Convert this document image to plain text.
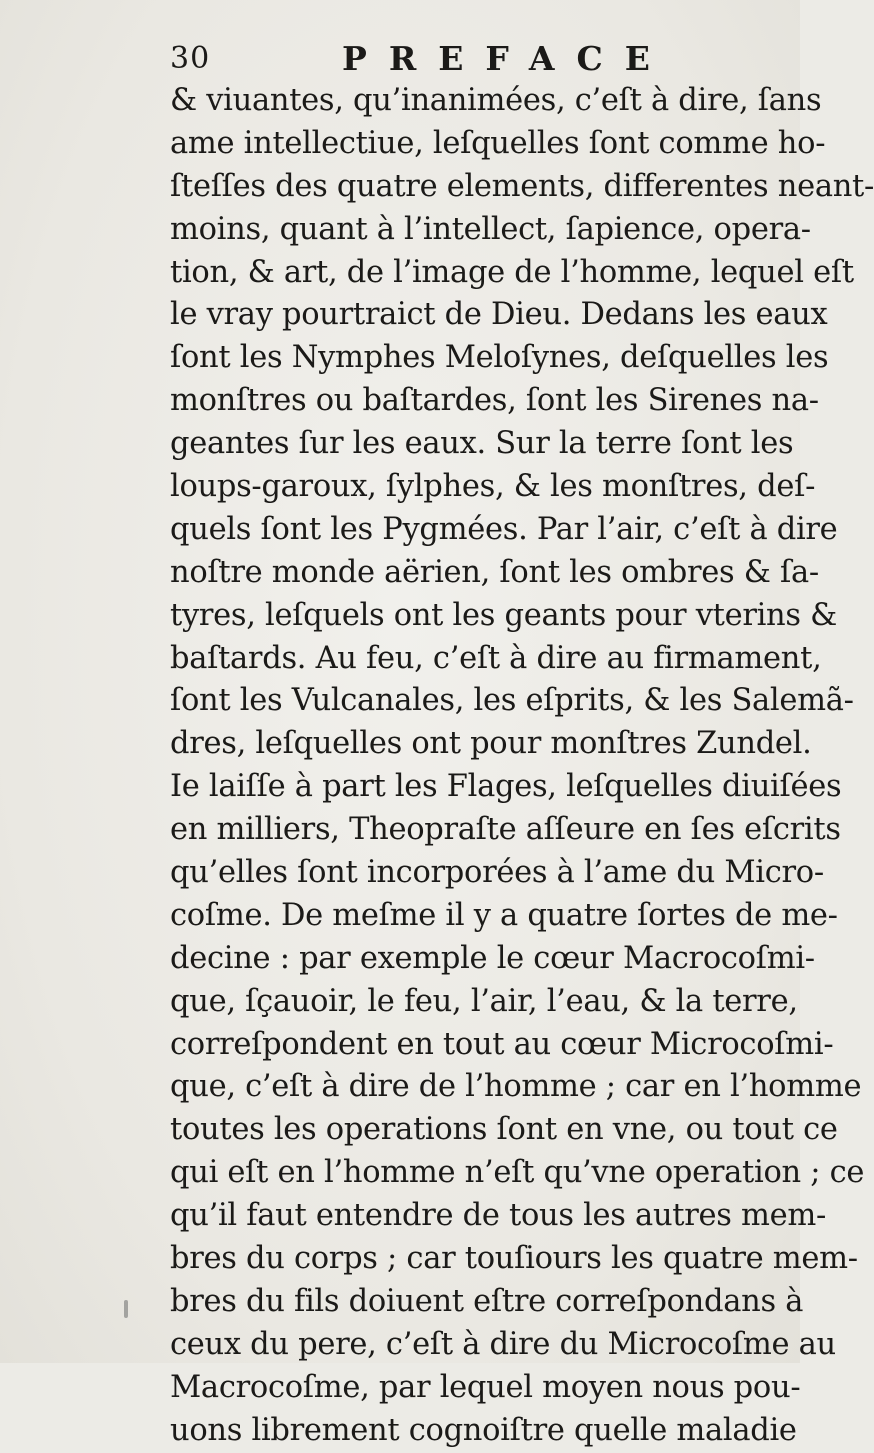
30	PREFACE
& viuantes, qu’inanimées, c’eſt à dire, ſans
ame intellectiue, leſquelles ſont comme ho-
ſteſſes des quatre elements, differentes neant-
moins, quant à l’intellect, ſapience, opera-
tion, & art, de l’image de l’homme, lequel eſt
le vray pourtraict de Dieu. Dedans les eaux
ſont les Nymphes Meloſynes, deſquelles les
monſtres ou baſtardes, ſont les Sirenes na-
geantes ſur les eaux. Sur la terre ſont les
loups-garoux, ſylphes, & les monſtres, deſ-
quels ſont les Pygmées. Par l’air, c’eſt à dire
noſtre monde aërien, ſont les ombres & ſa-
tyres, leſquels ont les geants pour vterins &
baſtards. Au feu, c’eſt à dire au firmament,
ſont les Vulcanales, les eſprits, & les Salemã-
dres, leſquelles ont pour monſtres Zundel.
Ie laiſſe à part les Flages, leſquelles diuiſées
en milliers, Theopraſte aſſeure en ſes eſcrits
qu’elles ſont incorporées à l’ame du Micro-
coſme. De meſme il y a quatre ſortes de me-
decine : par exemple le cœur Macrocoſmi-
que, ſçauoir, le feu, l’air, l’eau, & la terre,
correſpondent en tout au cœur Microcoſmi-
que, c’eſt à dire de l’homme ; car en l’homme
toutes les operations ſont en vne, ou tout ce
qui eſt en l’homme n’eſt qu’vne operation ; ce
qu’il faut entendre de tous les autres mem-
bres du corps ; car touſiours les quatre mem-
bres du fils doiuent eſtre correſpondans à
ceux du pere, c’eſt à dire du Microcoſme au
Macrocoſme, par lequel moyen nous pou-
uons librement cognoiſtre quelle maladie
